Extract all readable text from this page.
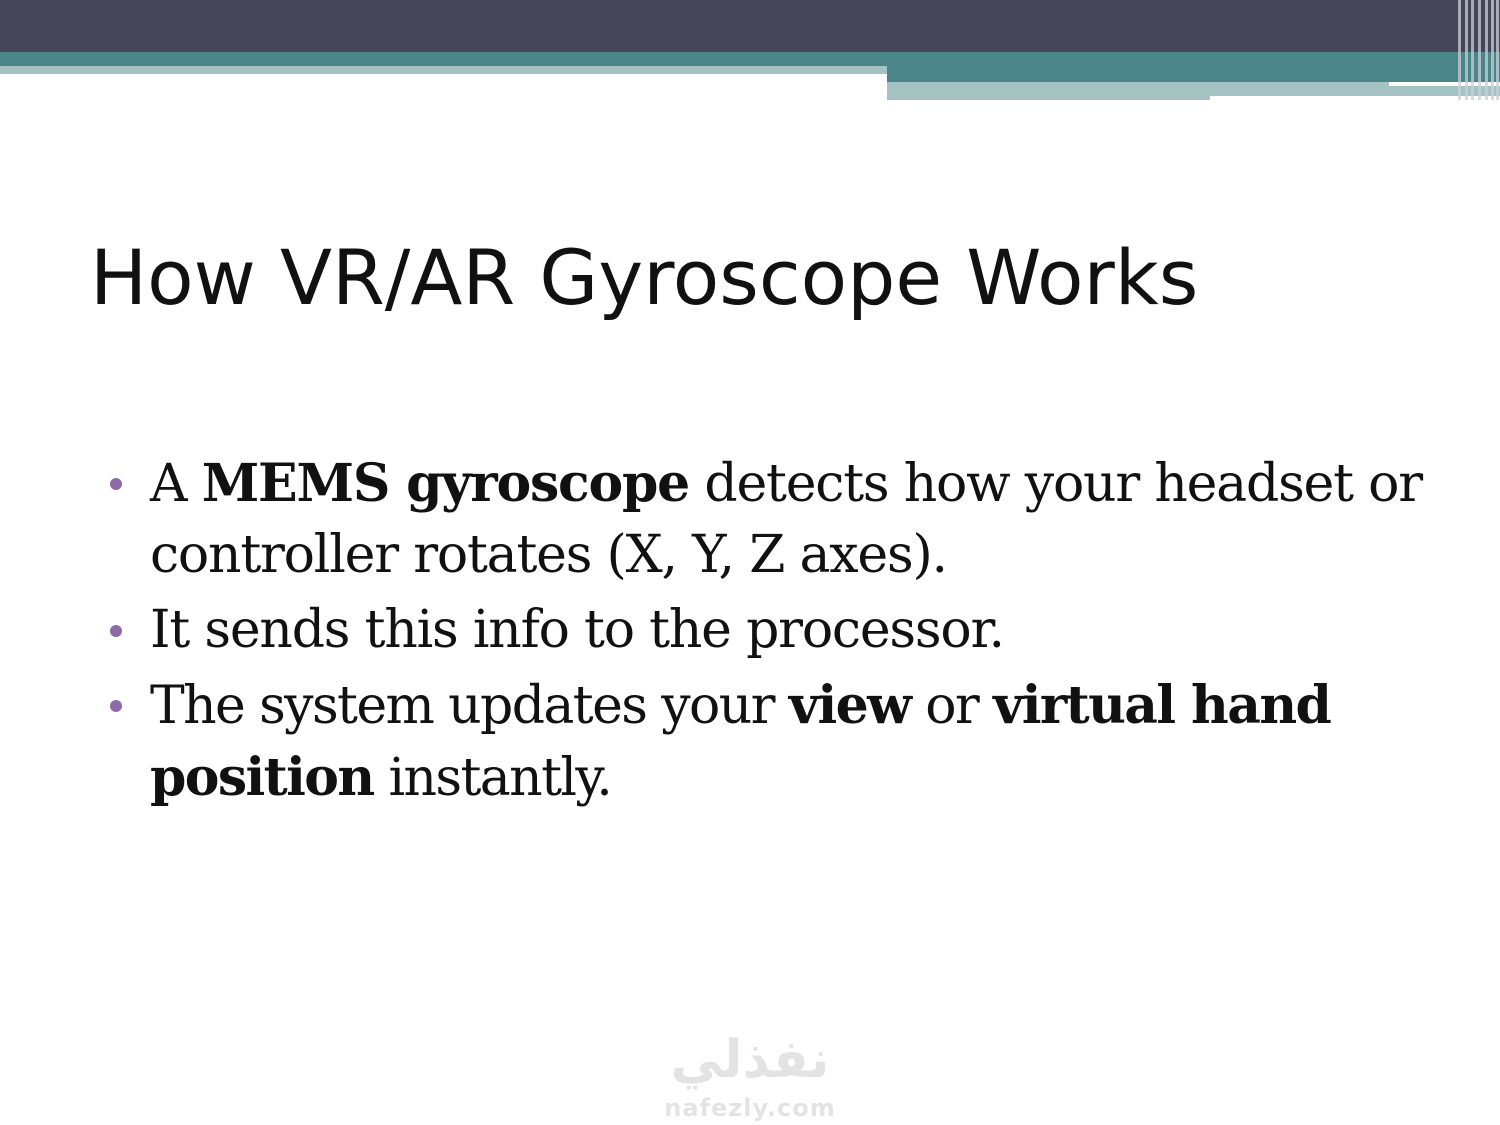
How VR/AR Gyroscope Works
A MEMS gyroscope detects how your headset or controller rotates (X, Y, Z axes).
It sends this info to the processor.
The system updates your view or virtual hand position instantly.
نفذلي
nafezly.com
